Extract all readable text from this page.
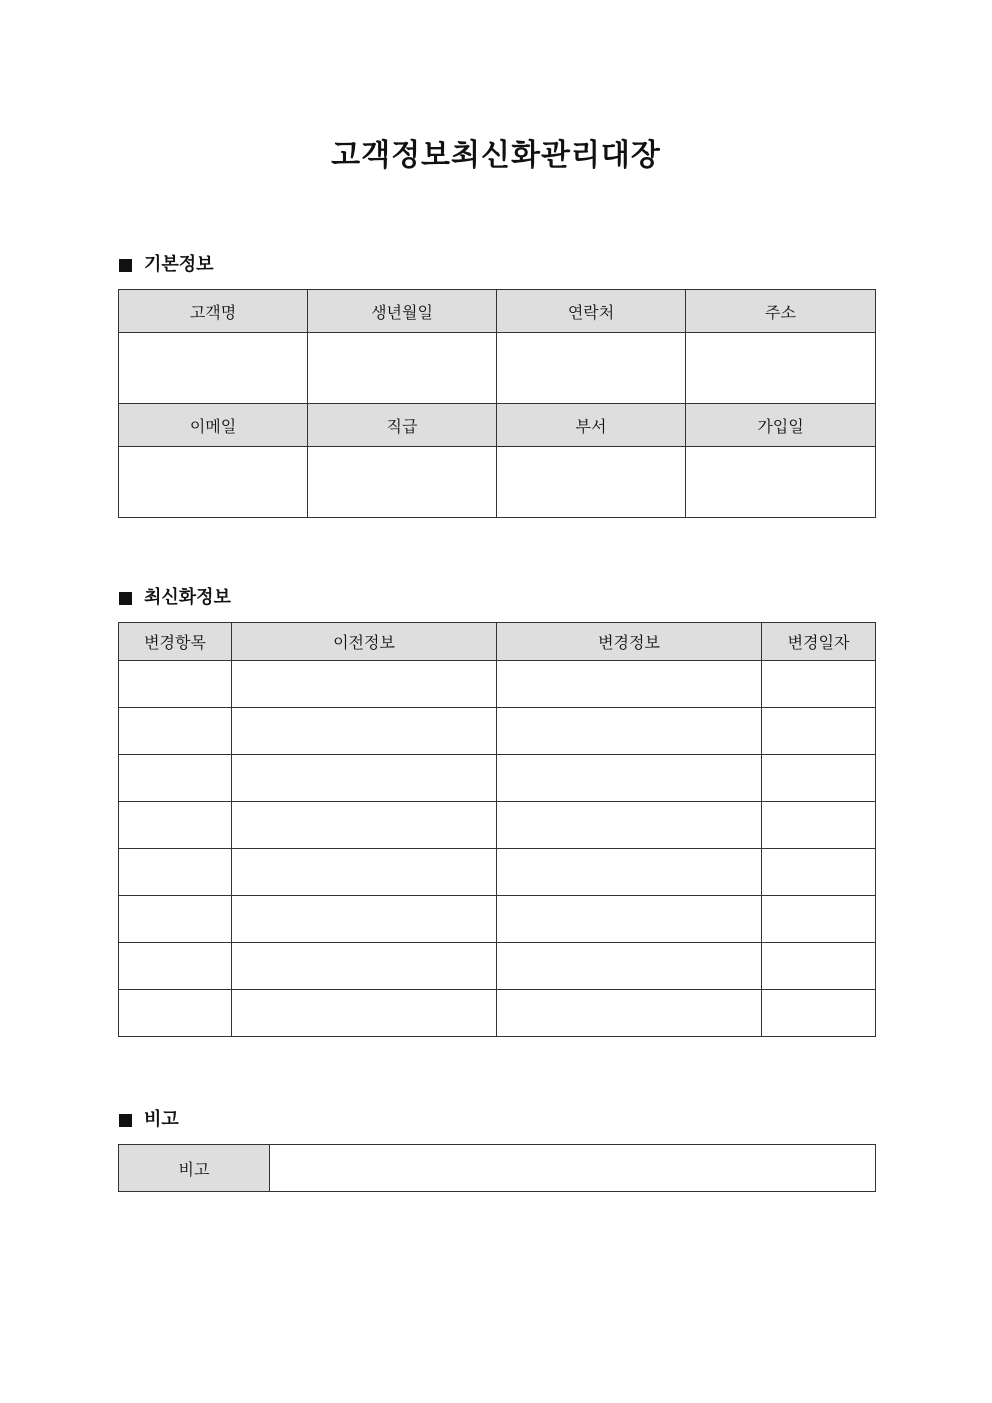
고객정보최신화관리대장
기본정보
고객명	생년월일	연락처	주소

이메일	직급	부서	가입일

최신화정보
변경항목	이전정보	변경정보	변경일자

비고
비고	
